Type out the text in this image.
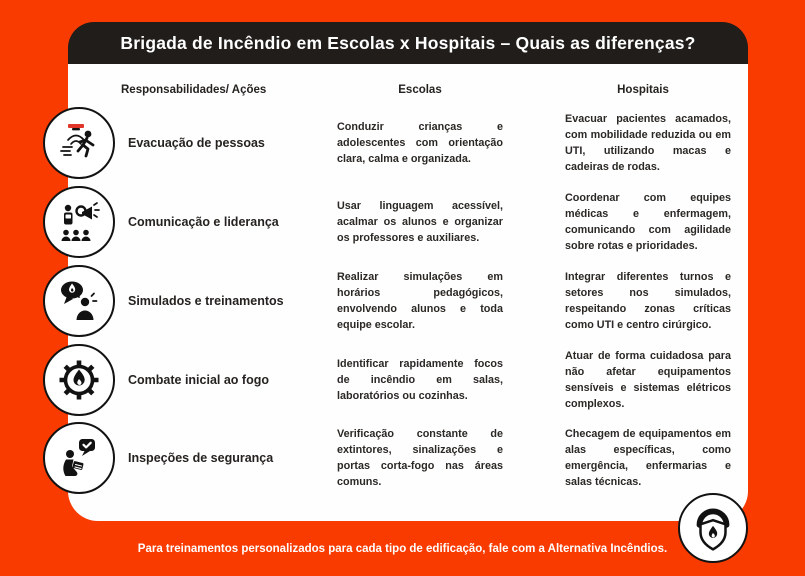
Brigada de Incêndio em Escolas x Hospitais – Quais as diferenças?
Responsabilidades/ Ações	Escolas	Hospitais
Evacuação de pessoas

Conduzir crianças e adolescentes com orientação clara, calma e organizada.

Evacuar pacientes acamados, com mobilidade reduzida ou em UTI, utilizando macas e cadeiras de rodas.

Comunicação e liderança

Usar linguagem acessível, acalmar os alunos e organizar os professores e auxiliares.

Coordenar com equipes médicas e enfermagem, comunicando com agilidade sobre rotas e prioridades.

Simulados e treinamentos

Realizar simulações em horários pedagógicos, envolvendo alunos e toda equipe escolar.

Integrar diferentes turnos e setores nos simulados, respeitando zonas críticas como UTI e centro cirúrgico.

Combate inicial ao fogo

Identificar rapidamente focos de incêndio em salas, laboratórios ou cozinhas.

Atuar de forma cuidadosa para não afetar equipamentos sensíveis e sistemas elétricos complexos.

Inspeções de segurança

Verificação constante de extintores, sinalizações e portas corta-fogo nas áreas comuns.

Checagem de equipamentos em alas específicas, como emergência, enfermarias e salas técnicas.

Para treinamentos personalizados para cada tipo de edificação, fale com a Alternativa Incêndios.
